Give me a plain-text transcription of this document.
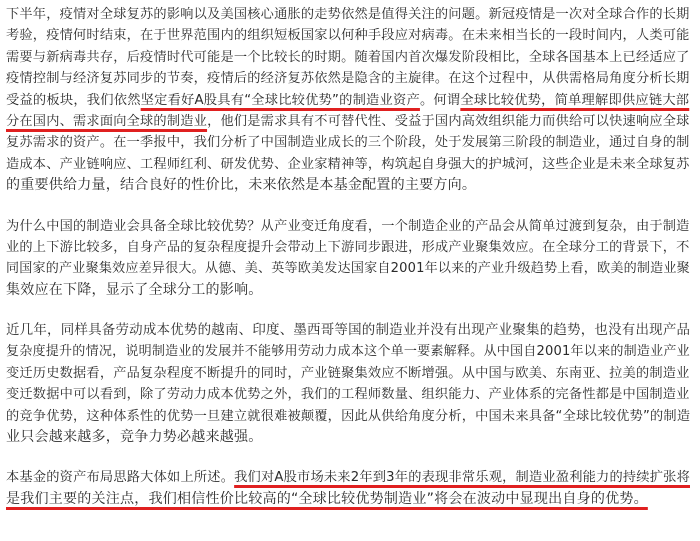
下半年，疫情对全球复苏的影响以及美国核心通胀的走势依然是值得关注的问题。新冠疫情是一次对全球合作的长期
考验，疫情何时结束，在于世界范围内的组织短板国家以何种手段应对病毒。在未来相当长的一段时间内，人类可能
需要与新病毒共存，后疫情时代可能是一个比较长的时期。随着国内首次爆发阶段相比，全球各国基本上已经适应了
疫情控制与经济复苏同步的节奏，疫情后的经济复苏依然是隐含的主旋律。在这个过程中，从供需格局角度分析长期
受益的板块，我们依然坚定看好A股具有“全球比较优势”的制造业资产。何谓全球比较优势，简单理解即供应链大部
分在国内、需求面向全球的制造业，他们是需求具有不可替代性、受益于国内高效组织能力而供给可以快速响应全球
复苏需求的资产。在一季报中，我们分析了中国制造业成长的三个阶段，处于发展第三阶段的制造业，通过自身的制
造成本、产业链响应、工程师红利、研发优势、企业家精神等，构筑起自身强大的护城河，这些企业是未来全球复苏
的重要供给力量，结合良好的性价比，未来依然是本基金配置的主要方向。
为什么中国的制造业会具备全球比较优势？从产业变迁角度看，一个制造企业的产品会从简单过渡到复杂，由于制造
业的上下游比较多，自身产品的复杂程度提升会带动上下游同步跟进，形成产业聚集效应。在全球分工的背景下，不
同国家的产业聚集效应差异很大。从德、美、英等欧美发达国家自2001年以来的产业升级趋势上看，欧美的制造业聚
集效应在下降，显示了全球分工的影响。
近几年，同样具备劳动成本优势的越南、印度、墨西哥等国的制造业并没有出现产业聚集的趋势，也没有出现产品
复杂度提升的情况，说明制造业的发展并不能够用劳动力成本这个单一要素解释。从中国自2001年以来的制造业产业
变迁历史数据看，产品复杂程度不断提升的同时，产业链聚集效应不断增强。从中国与欧美、东南亚、拉美的制造业
变迁数据中可以看到，除了劳动力成本优势之外，我们的工程师数量、组织能力、产业体系的完备性都是中国制造业
的竞争优势，这种体系性的优势一旦建立就很难被颠覆，因此从供给角度分析，中国未来具备“全球比较优势”的制造
业只会越来越多，竞争力势必越来越强。
本基金的资产布局思路大体如上所述。我们对A股市场未来2年到3年的表现非常乐观，制造业盈利能力的持续扩张将
是我们主要的关注点，我们相信性价比较高的“全球比较优势制造业”将会在波动中显现出自身的优势。
